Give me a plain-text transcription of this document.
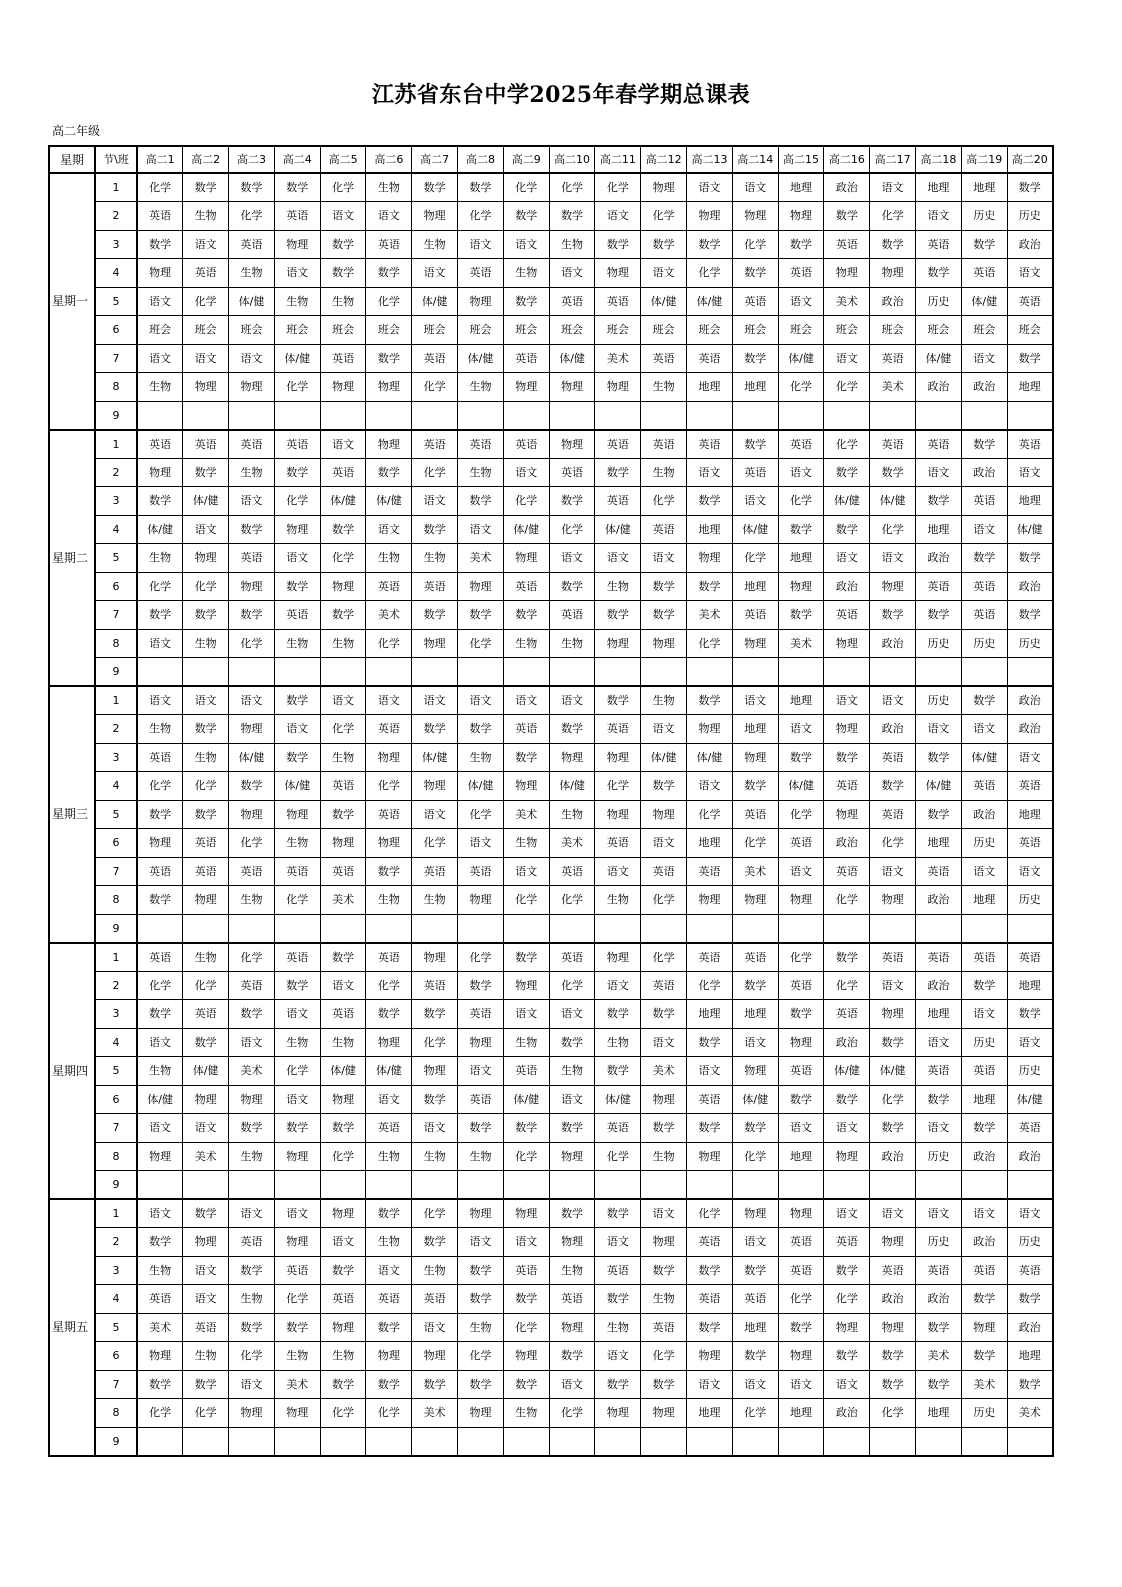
江苏省东台中学2025年春学期总课表
高二年级
星期	节\班	高二1	高二2	高二3	高二4	高二5	高二6	高二7	高二8	高二9	高二10	高二11	高二12	高二13	高二14	高二15	高二16	高二17	高二18	高二19	高二20
星期一	1	化学	数学	数学	数学	化学	生物	数学	数学	化学	化学	化学	物理	语文	语文	地理	政治	语文	地理	地理	数学
	2	英语	生物	化学	英语	语文	语文	物理	化学	数学	数学	语文	化学	物理	物理	物理	数学	化学	语文	历史	历史
	3	数学	语文	英语	物理	数学	英语	生物	语文	语文	生物	数学	数学	数学	化学	数学	英语	数学	英语	数学	政治
	4	物理	英语	生物	语文	数学	数学	语文	英语	生物	语文	物理	语文	化学	数学	英语	物理	物理	数学	英语	语文
	5	语文	化学	体/健	生物	生物	化学	体/健	物理	数学	英语	英语	体/健	体/健	英语	语文	美术	政治	历史	体/健	英语
	6	班会	班会	班会	班会	班会	班会	班会	班会	班会	班会	班会	班会	班会	班会	班会	班会	班会	班会	班会	班会
	7	语文	语文	语文	体/健	英语	数学	英语	体/健	英语	体/健	美术	英语	英语	数学	体/健	语文	英语	体/健	语文	数学
	8	生物	物理	物理	化学	物理	物理	化学	生物	物理	物理	物理	生物	地理	地理	化学	化学	美术	政治	政治	地理
	9																				
星期二	1	英语	英语	英语	英语	语文	物理	英语	英语	英语	物理	英语	英语	英语	数学	英语	化学	英语	英语	数学	英语
	2	物理	数学	生物	数学	英语	数学	化学	生物	语文	英语	数学	生物	语文	英语	语文	数学	数学	语文	政治	语文
	3	数学	体/健	语文	化学	体/健	体/健	语文	数学	化学	数学	英语	化学	数学	语文	化学	体/健	体/健	数学	英语	地理
	4	体/健	语文	数学	物理	数学	语文	数学	语文	体/健	化学	体/健	英语	地理	体/健	数学	数学	化学	地理	语文	体/健
	5	生物	物理	英语	语文	化学	生物	生物	美术	物理	语文	语文	语文	物理	化学	地理	语文	语文	政治	数学	数学
	6	化学	化学	物理	数学	物理	英语	英语	物理	英语	数学	生物	数学	数学	地理	物理	政治	物理	英语	英语	政治
	7	数学	数学	数学	英语	数学	美术	数学	数学	数学	英语	数学	数学	美术	英语	数学	英语	数学	数学	英语	数学
	8	语文	生物	化学	生物	生物	化学	物理	化学	生物	生物	物理	物理	化学	物理	美术	物理	政治	历史	历史	历史
	9																				
星期三	1	语文	语文	语文	数学	语文	语文	语文	语文	语文	语文	数学	生物	数学	语文	地理	语文	语文	历史	数学	政治
	2	生物	数学	物理	语文	化学	英语	数学	数学	英语	数学	英语	语文	物理	地理	语文	物理	政治	语文	语文	政治
	3	英语	生物	体/健	数学	生物	物理	体/健	生物	数学	物理	物理	体/健	体/健	物理	数学	数学	英语	数学	体/健	语文
	4	化学	化学	数学	体/健	英语	化学	物理	体/健	物理	体/健	化学	数学	语文	数学	体/健	英语	数学	体/健	英语	英语
	5	数学	数学	物理	物理	数学	英语	语文	化学	美术	生物	物理	物理	化学	英语	化学	物理	英语	数学	政治	地理
	6	物理	英语	化学	生物	物理	物理	化学	语文	生物	美术	英语	语文	地理	化学	英语	政治	化学	地理	历史	英语
	7	英语	英语	英语	英语	英语	数学	英语	英语	语文	英语	语文	英语	英语	美术	语文	英语	语文	英语	语文	语文
	8	数学	物理	生物	化学	美术	生物	生物	物理	化学	化学	生物	化学	物理	物理	物理	化学	物理	政治	地理	历史
	9																				
星期四	1	英语	生物	化学	英语	数学	英语	物理	化学	数学	英语	物理	化学	英语	英语	化学	数学	英语	英语	英语	英语
	2	化学	化学	英语	数学	语文	化学	英语	数学	物理	化学	语文	英语	化学	数学	英语	化学	语文	政治	数学	地理
	3	数学	英语	数学	语文	英语	数学	数学	英语	语文	语文	数学	数学	地理	地理	数学	英语	物理	地理	语文	数学
	4	语文	数学	语文	生物	生物	物理	化学	物理	生物	数学	生物	语文	数学	语文	物理	政治	数学	语文	历史	语文
	5	生物	体/健	美术	化学	体/健	体/健	物理	语文	英语	生物	数学	美术	语文	物理	英语	体/健	体/健	英语	英语	历史
	6	体/健	物理	物理	语文	物理	语文	数学	英语	体/健	语文	体/健	物理	英语	体/健	数学	数学	化学	数学	地理	体/健
	7	语文	语文	数学	数学	数学	英语	语文	数学	数学	数学	英语	数学	数学	数学	语文	语文	数学	语文	数学	英语
	8	物理	美术	生物	物理	化学	生物	生物	生物	化学	物理	化学	生物	物理	化学	地理	物理	政治	历史	政治	政治
	9																				
星期五	1	语文	数学	语文	语文	物理	数学	化学	物理	物理	数学	数学	语文	化学	物理	物理	语文	语文	语文	语文	语文
	2	数学	物理	英语	物理	语文	生物	数学	语文	语文	物理	语文	物理	英语	语文	英语	英语	物理	历史	政治	历史
	3	生物	语文	数学	英语	数学	语文	生物	数学	英语	生物	英语	数学	数学	数学	英语	数学	英语	英语	英语	英语
	4	英语	语文	生物	化学	英语	英语	英语	数学	数学	英语	数学	生物	英语	英语	化学	化学	政治	政治	数学	数学
	5	美术	英语	数学	数学	物理	数学	语文	生物	化学	物理	生物	英语	数学	地理	数学	物理	物理	数学	物理	政治
	6	物理	生物	化学	生物	生物	物理	物理	化学	物理	数学	语文	化学	物理	数学	物理	数学	数学	美术	数学	地理
	7	数学	数学	语文	美术	数学	数学	数学	数学	数学	语文	数学	数学	语文	语文	语文	语文	数学	数学	美术	数学
	8	化学	化学	物理	物理	化学	化学	美术	物理	生物	化学	物理	物理	地理	化学	地理	政治	化学	地理	历史	美术
	9																				
